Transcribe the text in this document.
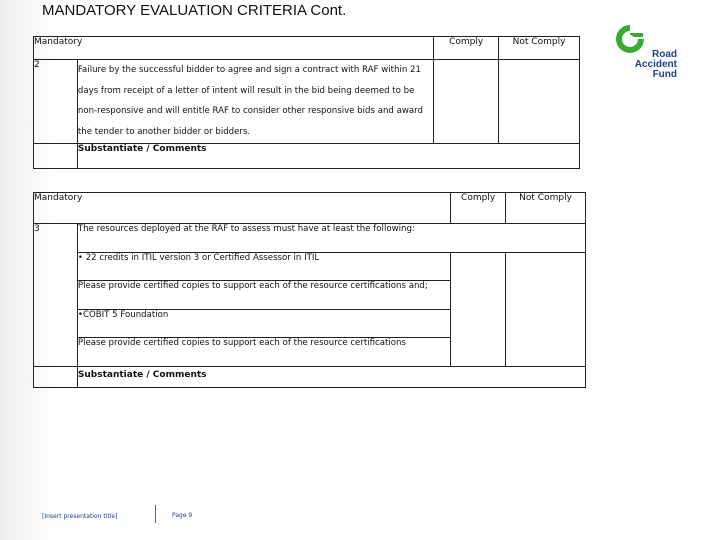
MANDATORY EVALUATION CRITERIA Cont.
Road
Accident
Fund
Mandatory		Comply	Not Comply
2	Failure by the successful bidder to agree and sign a contract with RAF within 21 days from receipt of a letter of intent will result in the bid being deemed to be non-responsive and will entitle RAF to consider other responsive bids and award the tender to another bidder or bidders.		
	Substantiate / Comments		
Mandatory		Comply	Not Comply
3	The resources deployed at the RAF to assess must have at least the following:		
	• 22 credits in ITIL version 3 or Certified Assessor in ITIL		
	Please provide certified copies to support each of the resource certifications and;		
	•COBIT 5 Foundation		
	Please provide certified copies to support each of the resource certifications		
	Substantiate / Comments		
[Insert presentation title]	Page 9
